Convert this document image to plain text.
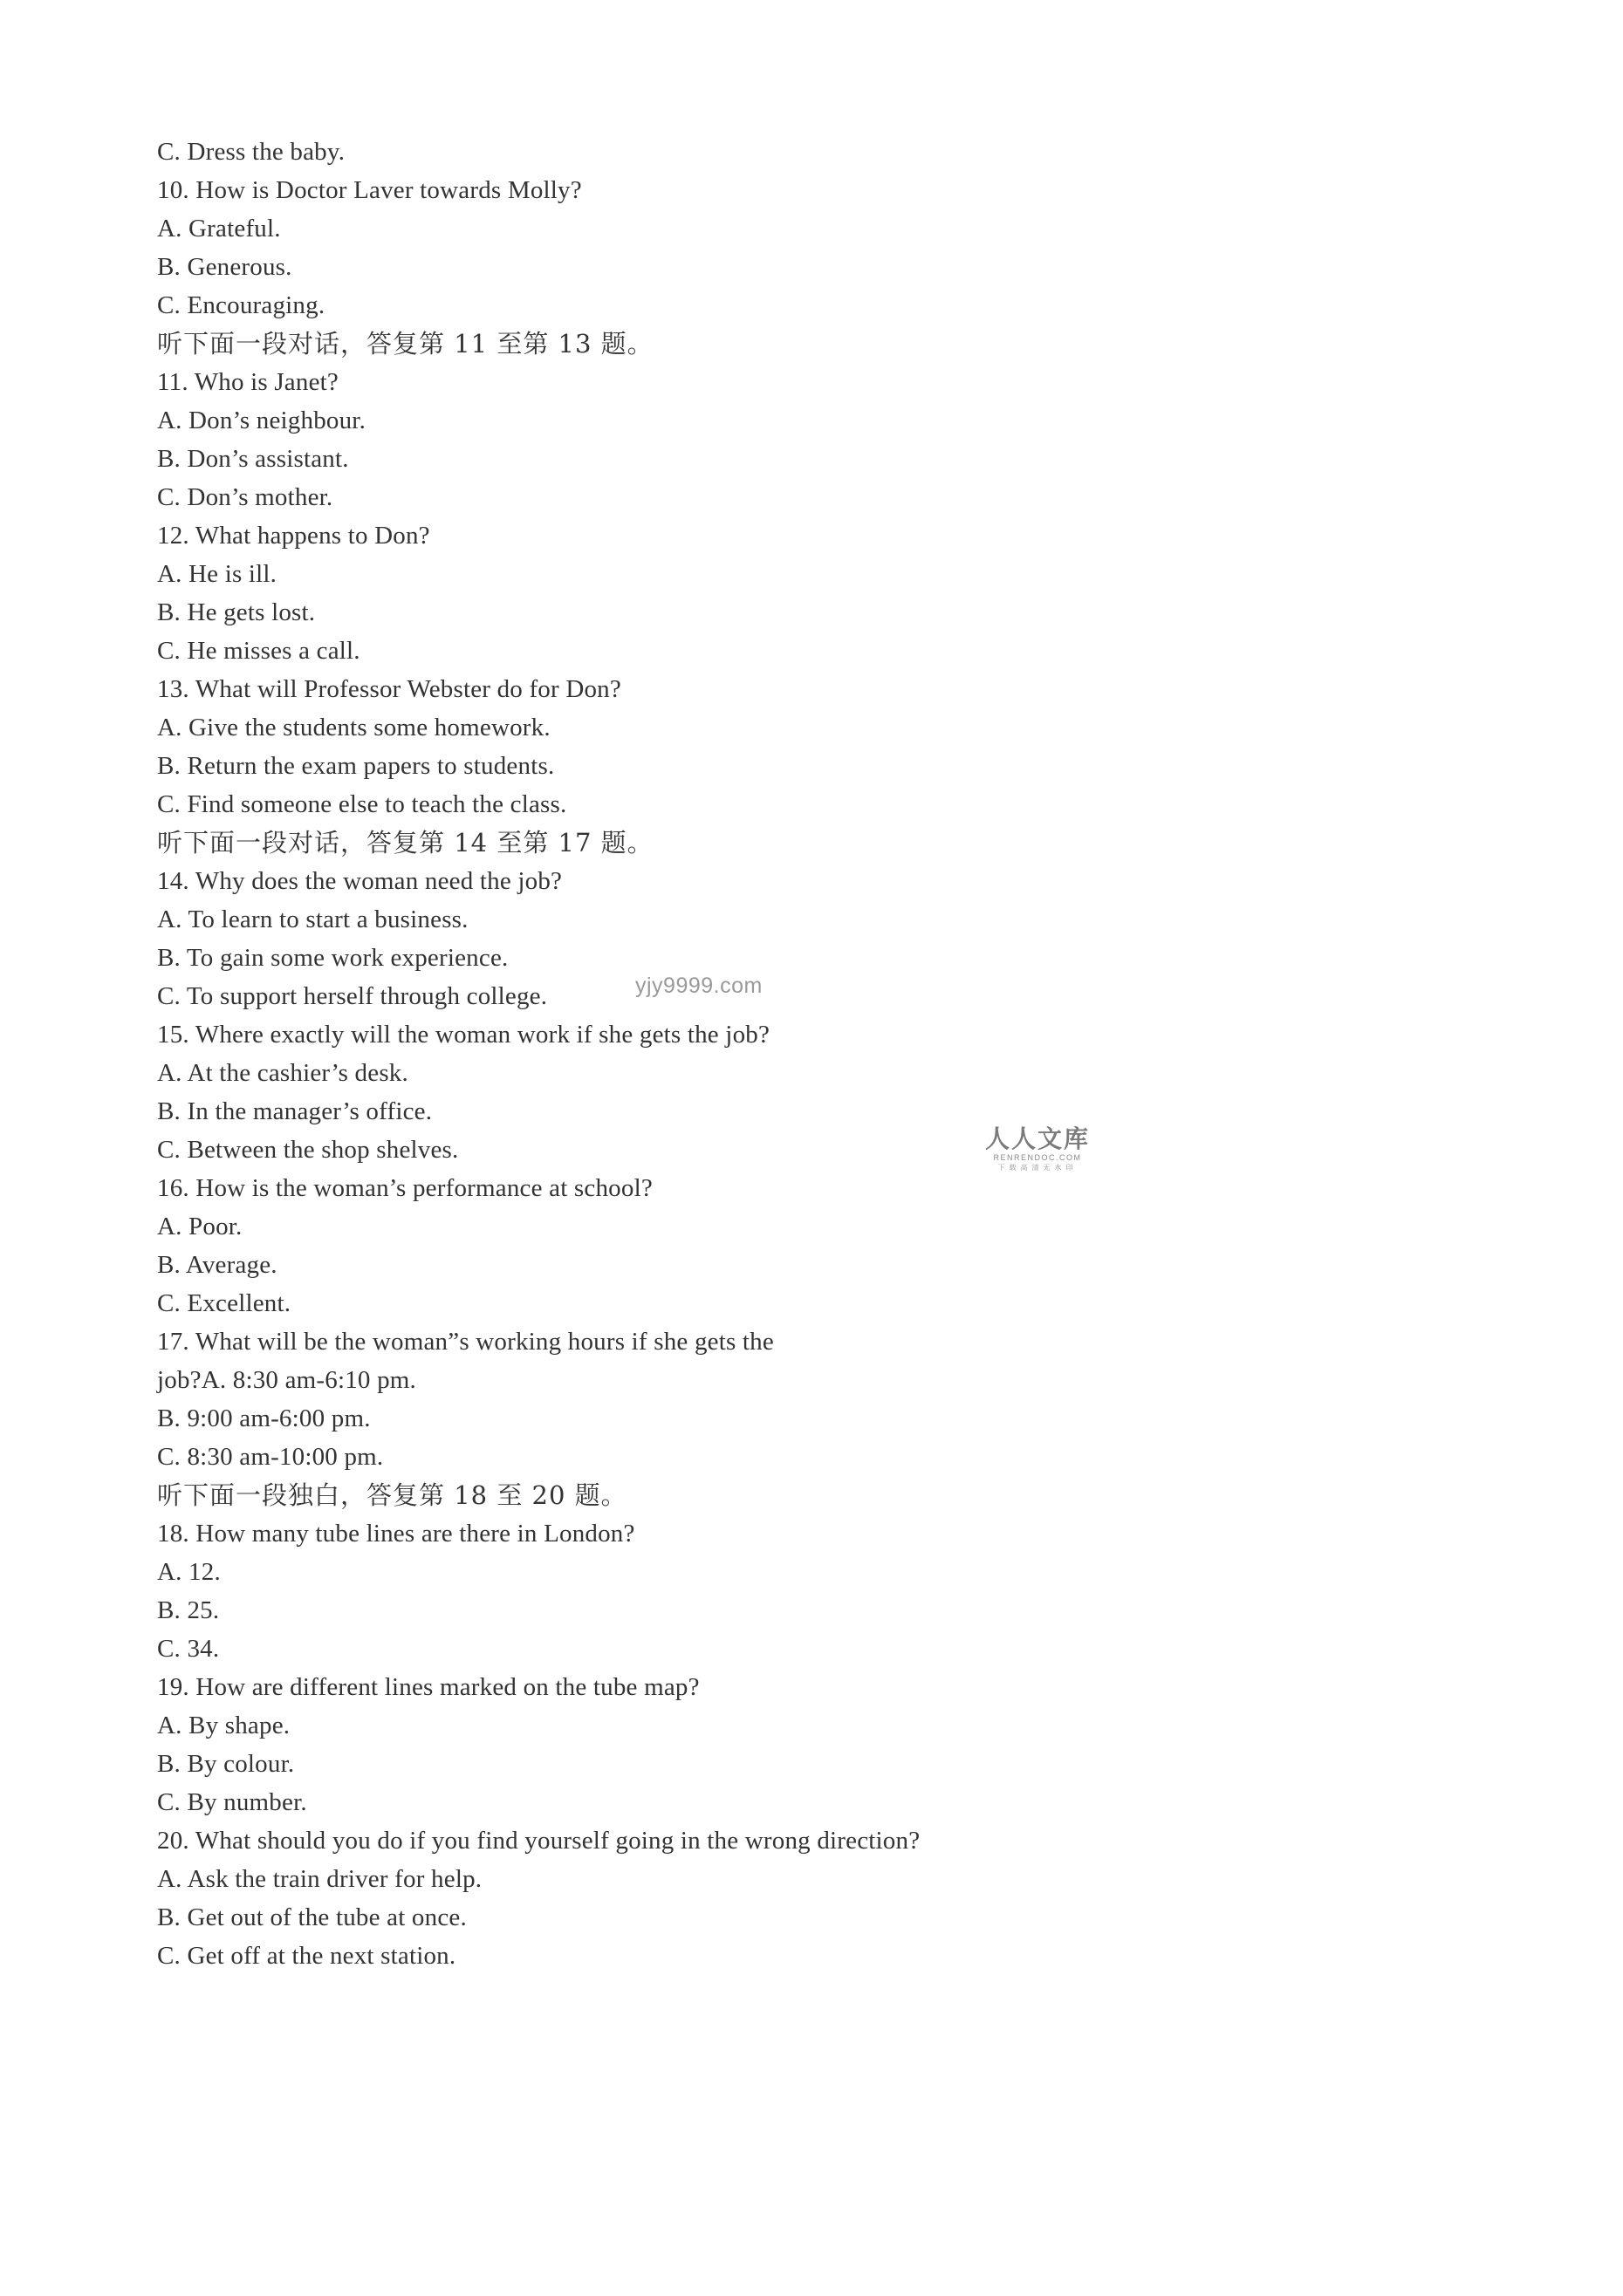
C. Dress the baby.
10. How is Doctor Laver towards Molly?
A. Grateful.
B. Generous.
C. Encouraging.
听下面一段对话，答复第 11 至第 13 题。
11. Who is Janet?
A. Don’s neighbour.
B. Don’s assistant.
C. Don’s mother.
12. What happens to Don?
A. He is ill.
B. He gets lost.
C. He misses a call.
13. What will Professor Webster do for Don?
A. Give the students some homework.
B. Return the exam papers to students.
C. Find someone else to teach the class.
听下面一段对话，答复第 14 至第 17 题。
14. Why does the woman need the job?
A. To learn to start a business.
B. To gain some work experience.
C. To support herself through college.
15. Where exactly will the woman work if she gets the job?
A. At the cashier’s desk.
B. In the manager’s office.
C. Between the shop shelves.
16. How is the woman’s performance at school?
A. Poor.
B. Average.
C. Excellent.
17. What will be the woman”s working hours if she gets the
job?A. 8:30 am-6:10 pm.
B. 9:00 am-6:00 pm.
C. 8:30 am-10:00 pm.
听下面一段独白，答复第 18 至 20 题。
18. How many tube lines are there in London?
A. 12.
B. 25.
C. 34.
19. How are different lines marked on the tube map?
A. By shape.
B. By colour.
C. By number.
20. What should you do if you find yourself going in the wrong direction?
A. Ask the train driver for help.
B. Get out of the tube at once.
C. Get off at the next station.
yjy9999.com
人人文库
RENRENDOC.COM
下载高清无水印
